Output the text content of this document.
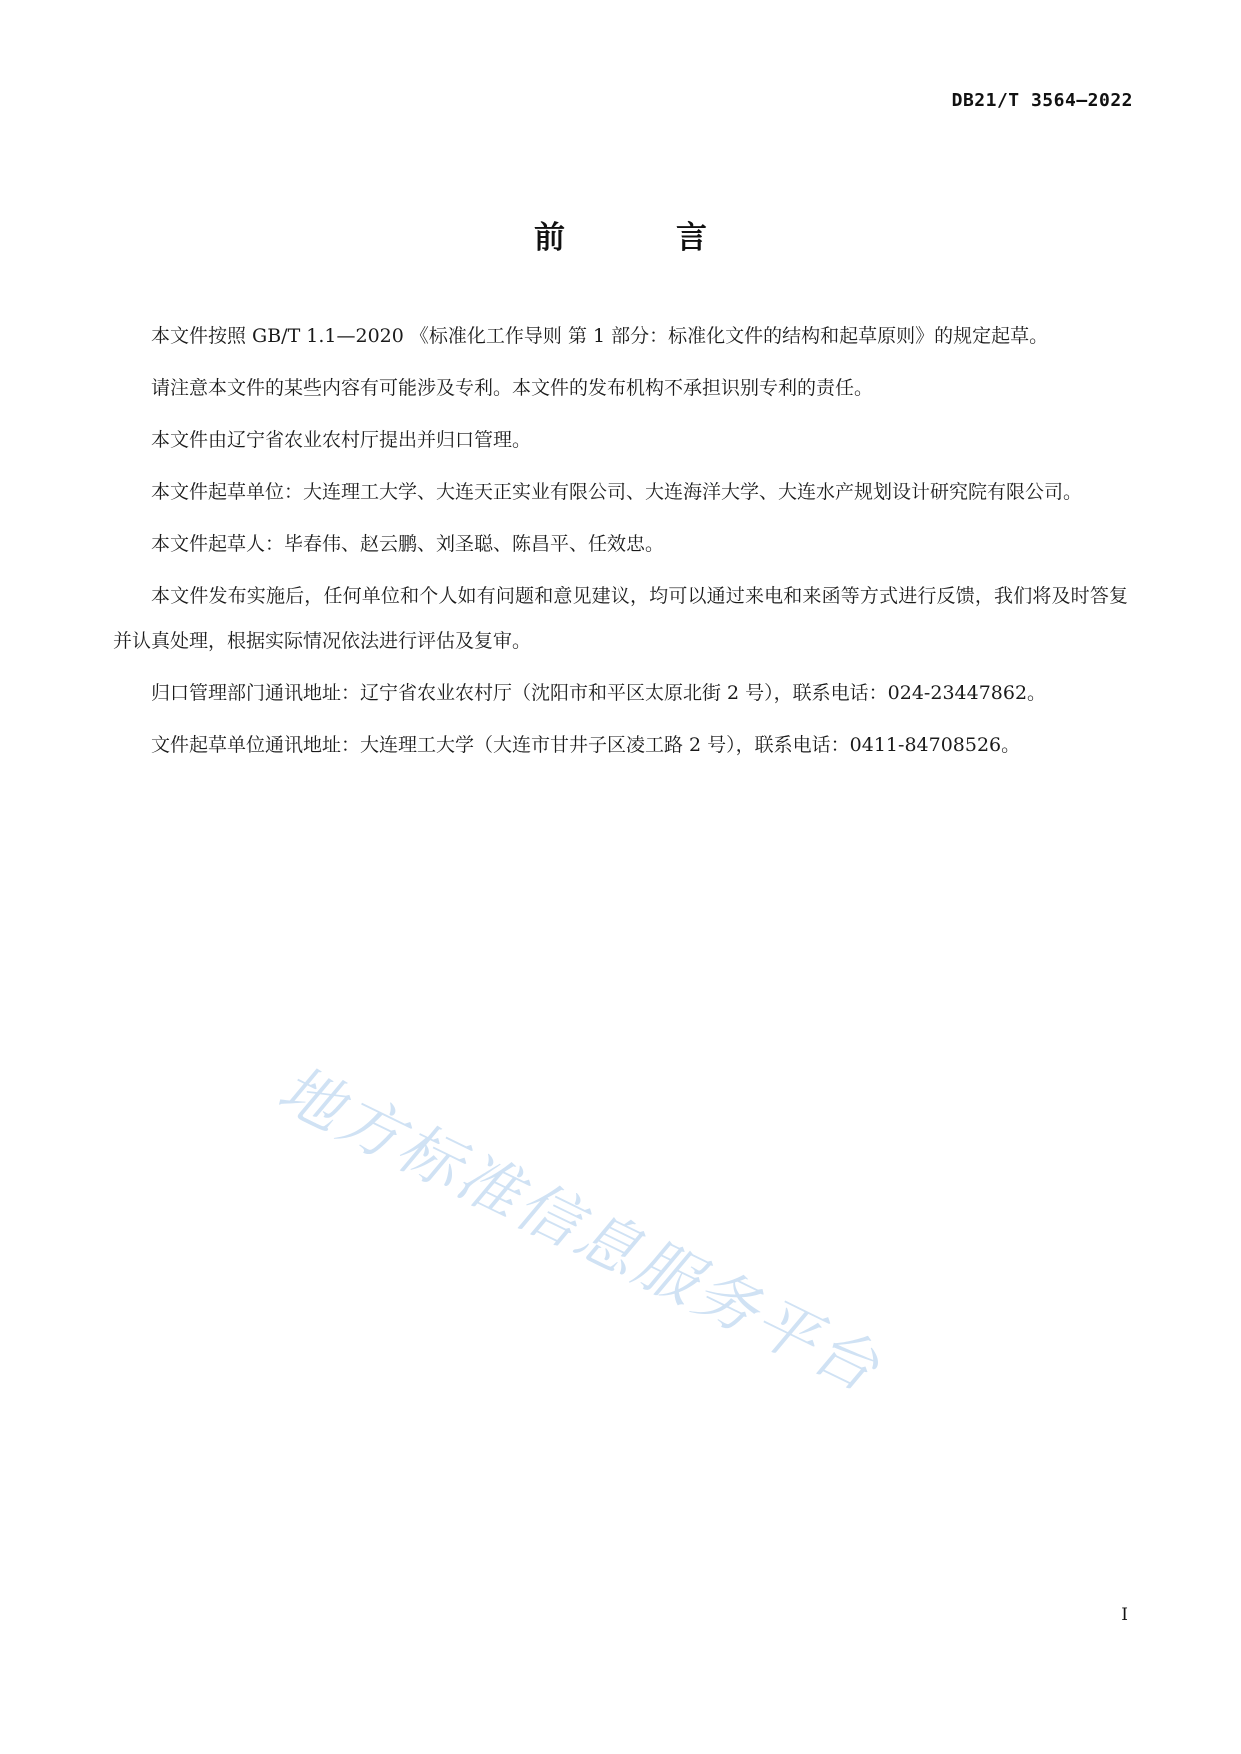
DB21/T 3564—2022
前　言

本文件按照 GB/T 1.1—2020 《标准化工作导则 第 1 部分：标准化文件的结构和起草原则》的规定起草。

请注意本文件的某些内容有可能涉及专利。本文件的发布机构不承担识别专利的责任。

本文件由辽宁省农业农村厅提出并归口管理。

本文件起草单位：大连理工大学、大连天正实业有限公司、大连海洋大学、大连水产规划设计研究院有限公司。

本文件起草人：毕春伟、赵云鹏、刘圣聪、陈昌平、任效忠。

本文件发布实施后，任何单位和个人如有问题和意见建议，均可以通过来电和来函等方式进行反馈，我们将及时答复并认真处理，根据实际情况依法进行评估及复审。

归口管理部门通讯地址：辽宁省农业农村厅（沈阳市和平区太原北街 2 号），联系电话：024-23447862。

文件起草单位通讯地址：大连理工大学（大连市甘井子区凌工路 2 号），联系电话：0411-84708526。

地方标准信息服务平台
I
